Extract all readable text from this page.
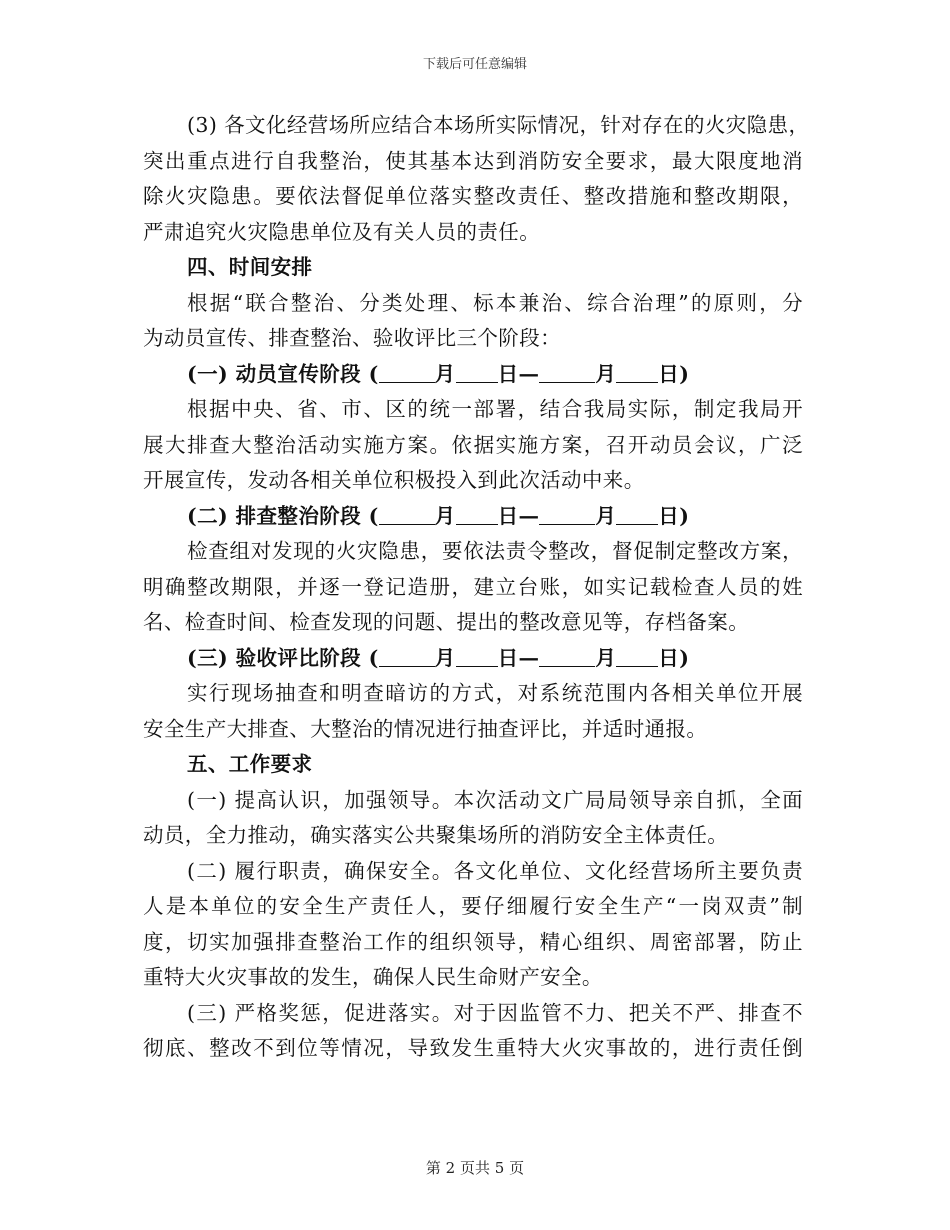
下载后可任意编辑
(3) 各文化经营场所应结合本场所实际情况，针对存在的火灾隐患，
突出重点进行自我整治，使其基本达到消防安全要求，最大限度地消
除火灾隐患。要依法督促单位落实整改责任、整改措施和整改期限，
严肃追究火灾隐患单位及有关人员的责任。
四、时间安排
根据“联合整治、分类处理、标本兼治、综合治理”的原则，分
为动员宣传、排查整治、验收评比三个阶段：
(一) 动员宣传阶段 (	月 日—	月 日)
根据中央、省、市、区的统一部署，结合我局实际，制定我局开
展大排查大整治活动实施方案。依据实施方案，召开动员会议，广泛
开展宣传，发动各相关单位积极投入到此次活动中来。
(二) 排查整治阶段 (	月 日—	月 日)
检查组对发现的火灾隐患，要依法责令整改，督促制定整改方案，
明确整改期限，并逐一登记造册，建立台账，如实记载检查人员的姓
名、检查时间、检查发现的问题、提出的整改意见等，存档备案。
(三) 验收评比阶段 (	月 日—	月 日)
实行现场抽查和明查暗访的方式，对系统范围内各相关单位开展
安全生产大排查、大整治的情况进行抽查评比，并适时通报。
五、工作要求
(一) 提高认识，加强领导。本次活动文广局局领导亲自抓，全面
动员，全力推动，确实落实公共聚集场所的消防安全主体责任。
(二) 履行职责，确保安全。各文化单位、文化经营场所主要负责
人是本单位的安全生产责任人，要仔细履行安全生产“一岗双责”制
度，切实加强排查整治工作的组织领导，精心组织、周密部署，防止
重特大火灾事故的发生，确保人民生命财产安全。
(三) 严格奖惩，促进落实。对于因监管不力、把关不严、排查不
彻底、整改不到位等情况，导致发生重特大火灾事故的，进行责任倒
第 2 页共 5 页
